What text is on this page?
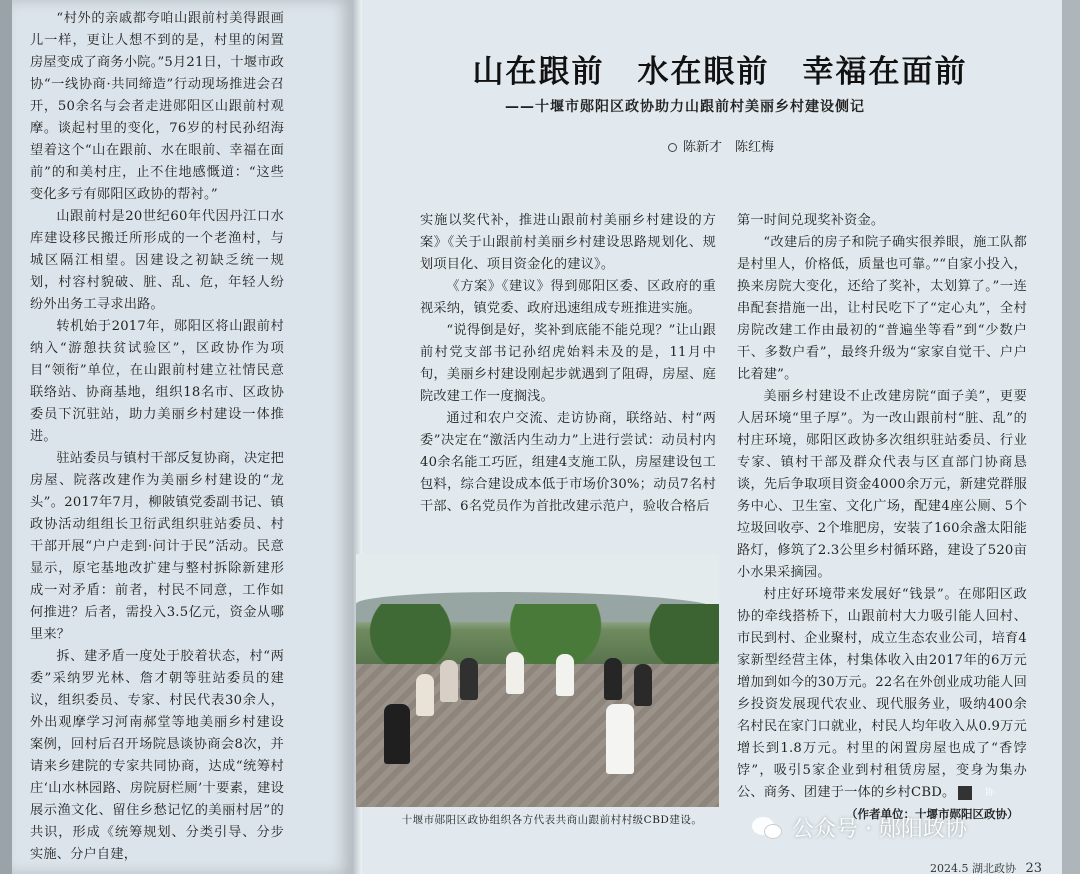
“村外的亲戚都夸咱山跟前村美得跟画儿一样，更让人想不到的是，村里的闲置房屋变成了商务小院。”5月21日，十堰市政协“一线协商·共同缔造”行动现场推进会召开，50余名与会者走进郧阳区山跟前村观摩。谈起村里的变化，76岁的村民孙绍海望着这个“山在跟前、水在眼前、幸福在面前”的和美村庄，止不住地感慨道：“这些变化多亏有郧阳区政协的帮衬。”

山跟前村是20世纪60年代因丹江口水库建设移民搬迁所形成的一个老渔村，与城区隔江相望。因建设之初缺乏统一规划，村容村貌破、脏、乱、危，年轻人纷纷外出务工寻求出路。

转机始于2017年，郧阳区将山跟前村纳入“游憩扶贫试验区”，区政协作为项目“领衔”单位，在山跟前村建立社情民意联络站、协商基地，组织18名市、区政协委员下沉驻站，助力美丽乡村建设一体推进。

驻站委员与镇村干部反复协商，决定把房屋、院落改建作为美丽乡村建设的“龙头”。2017年7月，柳陂镇党委副书记、镇政协活动组组长卫衍武组织驻站委员、村干部开展“户户走到·问计于民”活动。民意显示，原宅基地改扩建与整村拆除新建形成一对矛盾：前者，村民不同意，工作如何推进？后者，需投入3.5亿元，资金从哪里来？

拆、建矛盾一度处于胶着状态，村“两委”采纳罗光林、詹才朝等驻站委员的建议，组织委员、专家、村民代表30余人，外出观摩学习河南郝堂等地美丽乡村建设案例，回村后召开场院恳谈协商会8次，并请来乡建院的专家共同协商，达成“统筹村庄‘山水林园路、房院厨栏厕’十要素，建设展示渔文化、留住乡愁记忆的美丽村居”的共识，形成《统筹规划、分类引导、分步实施、分户自建，

山在跟前　水在眼前　幸福在面前
——十堰市郧阳区政协助力山跟前村美丽乡村建设侧记
陈新才　陈红梅

实施以奖代补，推进山跟前村美丽乡村建设的方案》《关于山跟前村美丽乡村建设思路规划化、规划项目化、项目资金化的建议》。

《方案》《建议》得到郧阳区委、区政府的重视采纳，镇党委、政府迅速组成专班推进实施。

“说得倒是好，奖补到底能不能兑现？”让山跟前村党支部书记孙绍虎始料未及的是，11月中旬，美丽乡村建设刚起步就遇到了阻碍，房屋、庭院改建工作一度搁浅。

通过和农户交流、走访协商，联络站、村“两委”决定在“激活内生动力”上进行尝试：动员村内40余名能工巧匠，组建4支施工队，房屋建设包工包料，综合建设成本低于市场价30%；动员7名村干部、6名党员作为首批改建示范户，验收合格后

第一时间兑现奖补资金。

“改建后的房子和院子确实很养眼，施工队都是村里人，价格低，质量也可靠。”“自家小投入，换来房院大变化，还给了奖补，太划算了。”一连串配套措施一出，让村民吃下了“定心丸”，全村房院改建工作由最初的“普遍坐等看”到“少数户干、多数户看”，最终升级为“家家自觉干、户户比着建”。

美丽乡村建设不止改建房院“面子美”，更要人居环境“里子厚”。为一改山跟前村“脏、乱”的村庄环境，郧阳区政协多次组织驻站委员、行业专家、镇村干部及群众代表与区直部门协商恳谈，先后争取项目资金4000余万元，新建党群服务中心、卫生室、文化广场，配建4座公厕、5个垃圾回收亭、2个堆肥房，安装了160余盏太阳能路灯，修筑了2.3公里乡村循环路，建设了520亩小水果采摘园。

村庄好环境带来发展好“钱景”。在郧阳区政协的牵线搭桥下，山跟前村大力吸引能人回村、市民到村、企业聚村，成立生态农业公司，培育4家新型经营主体，村集体收入由2017年的6万元增加到如今的30万元。22名在外创业成功能人回乡投资发展现代农业、现代服务业，吸纳400余名村民在家门口就业，村民人均年收入从0.9万元增长到1.8万元。村里的闲置房屋也成了“香饽饽”，吸引5家企业到村租赁房屋，变身为集办公、商务、团建于一体的乡村CBD。	协

十堰市郧阳区政协组织各方代表共商山跟前村村级CBD建设。	（作者单位：十堰市郧阳区政协）
公众号 · 郧阳政协
2024.5 湖北政协 23
